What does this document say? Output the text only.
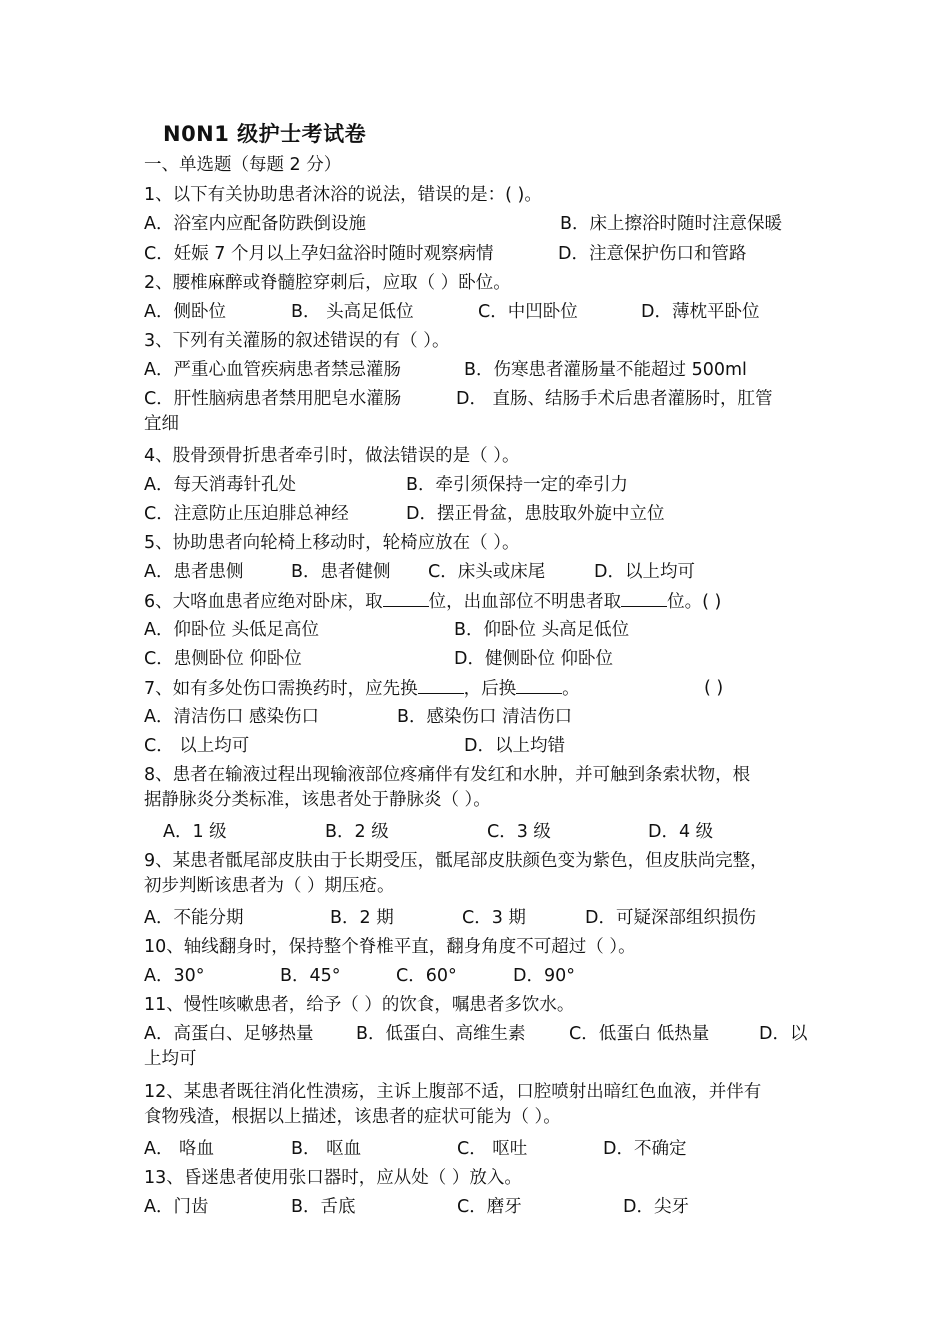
N0N1 级护士考试卷
一、单选题（每题 2 分）
1、以下有关协助患者沐浴的说法，错误的是：( )。
A．浴室内应配备防跌倒设施	B．床上擦浴时随时注意保暖
C．妊娠 7 个月以上孕妇盆浴时随时观察病情	D．注意保护伤口和管路
2、腰椎麻醉或脊髓腔穿刺后，应取（ ）卧位。
A．侧卧位	B． 头高足低位	C．中凹卧位	D．薄枕平卧位
3、下列有关灌肠的叙述错误的有（ ）。
A．严重心血管疾病患者禁忌灌肠	B．伤寒患者灌肠量不能超过 500ml
C．肝性脑病患者禁用肥皂水灌肠	D． 直肠、结肠手术后患者灌肠时，肛管
宜细
4、股骨颈骨折患者牵引时，做法错误的是（ ）。
A．每天消毒针孔处	B．牵引须保持一定的牵引力
C．注意防止压迫腓总神经	D．摆正骨盆，患肢取外旋中立位
5、协助患者向轮椅上移动时，轮椅应放在（ ）。
A．患者患侧	B．患者健侧 C．床头或床尾	D．以上均可
6、大咯血患者应绝对卧床，取	位，出血部位不明患者取	位。( )
A．仰卧位 头低足高位	B．仰卧位 头高足低位
C．患侧卧位 仰卧位	D．健侧卧位 仰卧位
7、如有多处伤口需换药时，应先换	，后换	。	( )
A．清洁伤口 感染伤口	B．感染伤口 清洁伤口
C． 以上均可	D．以上均错
8、患者在输液过程出现输液部位疼痛伴有发红和水肿，并可触到条索状物，根
据静脉炎分类标准，该患者处于静脉炎（ ）。
A．1 级	B．2 级	C．3 级	D．4 级
9、某患者骶尾部皮肤由于长期受压，骶尾部皮肤颜色变为紫色，但皮肤尚完整，
初步判断该患者为（ ）期压疮。
A．不能分期	B．2 期	C．3 期	D．可疑深部组织损伤
10、轴线翻身时，保持整个脊椎平直，翻身角度不可超过（ ）。
A．30°	B．45°	C．60°	D．90°
11、慢性咳嗽患者，给予（ ）的饮食，嘱患者多饮水。
A．高蛋白、足够热量 B．低蛋白、高维生素 C．低蛋白 低热量	D．以
上均可
12、某患者既往消化性溃疡，主诉上腹部不适，口腔喷射出暗红色血液，并伴有
食物残渣，根据以上描述，该患者的症状可能为（ ）。
A． 咯血	B． 呕血	C． 呕吐	D．不确定
13、昏迷患者使用张口器时，应从处（ ）放入。
A．门齿	B．舌底	C．磨牙	D．尖牙
